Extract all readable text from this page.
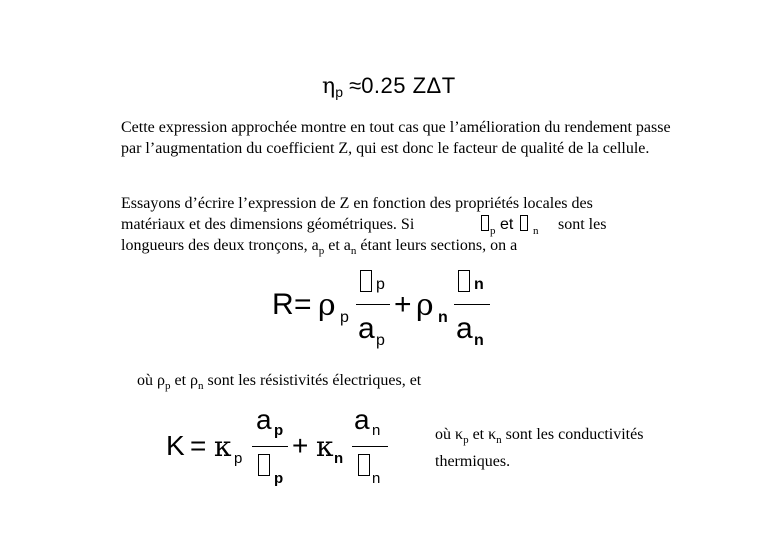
$\eta_p \approx 0.25$ ZΔT

Cette expression approchée montre en tout cas que l’amélioration du rendement passe par l’augmentation du coefficient Z, qui est donc le facteur de qualité de la cellule.

Essayons d’écrire l’expression de Z en fonction des propriétés locales des
matériaux et des dimensions géométriques. Si	p et n sont les
longueurs des deux tronçons, $a_p$ et $a_n$ étant leurs sections, on a
R = ρ p
p
a p
+ ρ n
n
a n
où $\rho_p$ et $\rho_n$ sont les résistivités électriques, et
K = κ p
a p
p
+ κ n
a n
n
où $\kappa_p$ et $\kappa_n$ sont les conductivités
thermiques.
